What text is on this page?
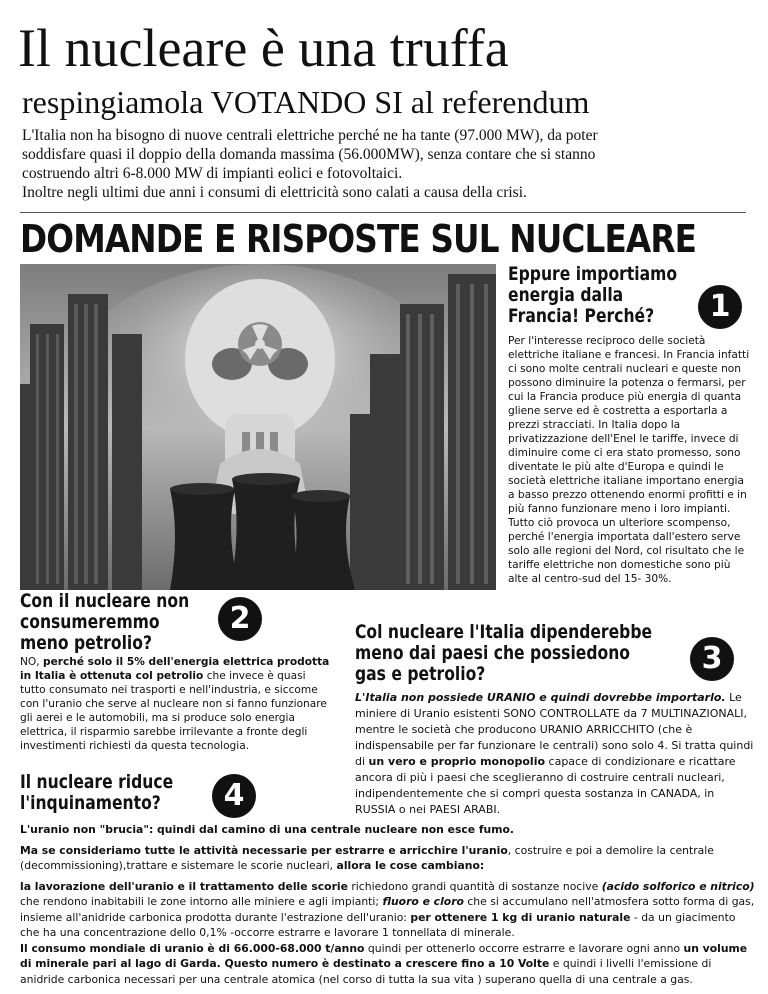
Il nucleare è una truffa
respingiamola VOTANDO SI al referendum
L'Italia non ha bisogno di nuove centrali elettriche perché ne ha tante (97.000 MW), da poter
soddisfare quasi il doppio della domanda massima (56.000MW), senza contare che si stanno
costruendo altri 6-8.000 MW di impianti eolici e fotovoltaici.
Inoltre negli ultimi due anni i consumi di elettricità sono calati a causa della crisi.
DOMANDE E RISPOSTE SUL NUCLEARE
Eppure importiamo
energia dalla
Francia! Perché?	1
Per l'interesse reciproco delle società elettriche italiane e francesi. In Francia infatti ci sono molte centrali nucleari e queste non possono diminuire la potenza o fermarsi, per cui la Francia produce più energia di quanta gliene serve ed è costretta a esportarla a prezzi stracciati. In Italia dopo la privatizzazione dell'Enel le tariffe, invece di diminuire come ci era stato promesso, sono diventate le più alte d'Europa e quindi le società elettriche italiane importano energia a basso prezzo ottenendo enormi profitti e in più fanno funzionare meno i loro impianti. Tutto ciò provoca un ulteriore scompenso, perché l'energia importata dall'estero serve solo alle regioni del Nord, col risultato che le tariffe elettriche non domestiche sono più alte al centro-sud del 15- 30%.
Con il nucleare non
consumeremmo
meno petrolio?
2
NO, perché solo il 5% dell'energia elettrica prodotta in Italia è ottenuta col petrolio che invece è quasi tutto consumato nei trasporti e nell'industria, e siccome con l'uranio che serve al nucleare non si fanno funzionare gli aerei e le automobili, ma si produce solo energia elettrica, il risparmio sarebbe irrilevante a fronte degli investimenti richiesti da questa tecnologia.
Col nucleare l'Italia dipenderebbe
meno dai paesi che possiedono
gas e petrolio?	3
L'Italia non possiede URANIO e quindi dovrebbe importarlo. Le miniere di Uranio esistenti SONO CONTROLLATE da 7 MULTINAZIONALI, mentre le società che producono URANIO ARRICCHITO (che è indispensabile per far funzionare le centrali) sono solo 4. Si tratta quindi di un vero e proprio monopolio capace di condizionare e ricattare ancora di più i paesi che sceglieranno di costruire centrali nucleari, indipendentemente che si compri questa sostanza in CANADA, in RUSSIA o nei PAESI ARABI.
Il nucleare riduce
l'inquinamento?	4

L'uranio non "brucia": quindi dal camino di una centrale nucleare non esce fumo.

Ma se consideriamo tutte le attività necessarie per estrarre e arricchire l'uranio, costruire e poi a demolire la centrale (decommissioning),trattare e sistemare le scorie nucleari, allora le cose cambiano:

la lavorazione dell'uranio e il trattamento delle scorie richiedono grandi quantità di sostanze nocive (acido solforico e nitrico) che rendono inabitabili le zone intorno alle miniere e agli impianti; fluoro e cloro che si accumulano nell'atmosfera sotto forma di gas, insieme all'anidride carbonica prodotta durante l'estrazione dell'uranio: per ottenere 1 kg di uranio naturale - da un giacimento che ha una concentrazione dello 0,1% -occorre estrarre e lavorare 1 tonnellata di minerale.

Il consumo mondiale di uranio è di 66.000-68.000 t/anno quindi per ottenerlo occorre estrarre e lavorare ogni anno un volume di minerale pari al lago di Garda. Questo numero è destinato a crescere fino a 10 Volte e quindi i livelli l'emissione di anidride carbonica necessari per una centrale atomica (nel corso di tutta la sua vita ) superano quella di una centrale a gas.
